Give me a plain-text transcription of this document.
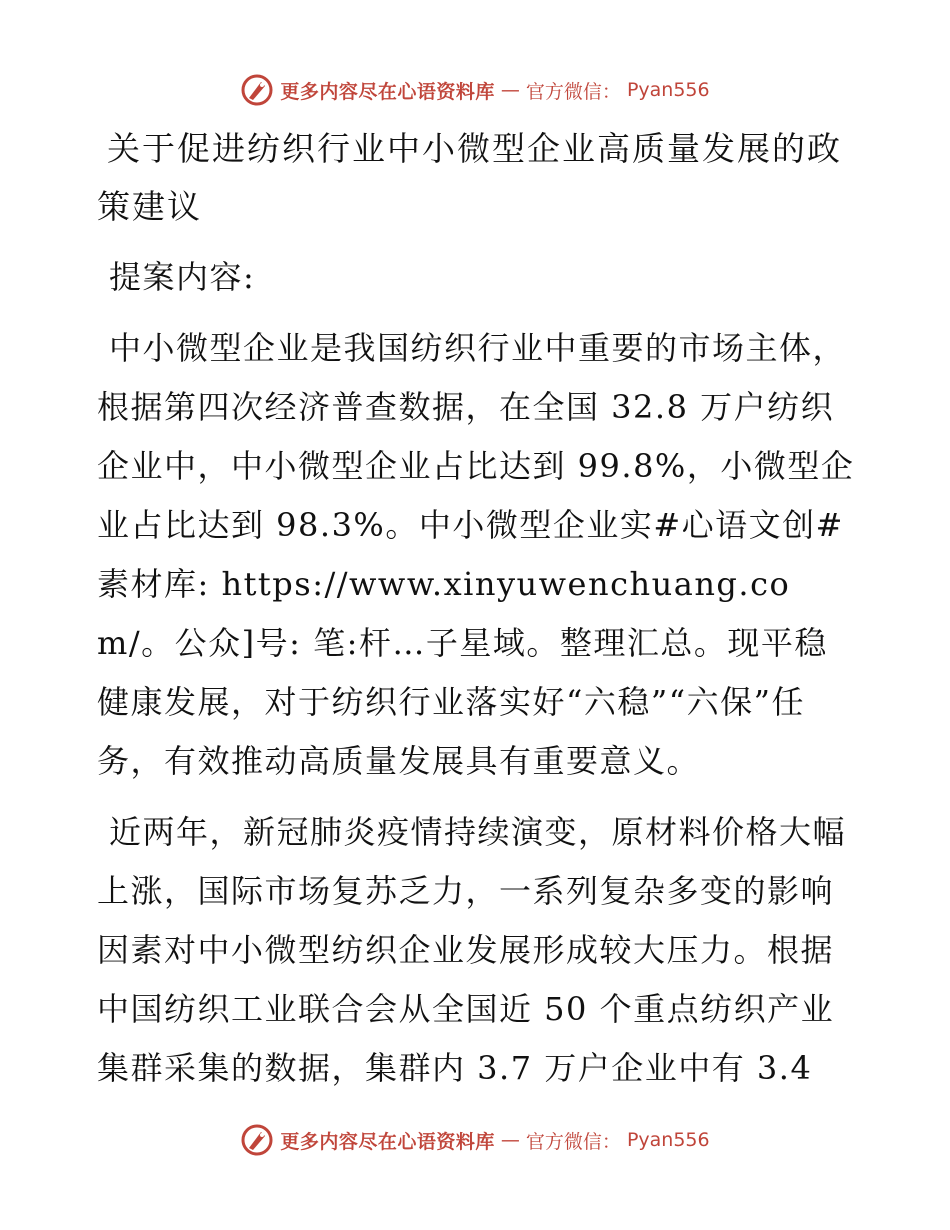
更多内容尽在心语资料库 — 官方微信： Pyan556
关于促进纺织行业中小微型企业高质量发展的政策建议

提案内容:

中小微型企业是我国纺织行业中重要的市场主体，根据第四次经济普查数据，在全国 32.8 万户纺织企业中，中小微型企业占比达到 99.8%，小微型企业占比达到 98.3%。中小微型企业实#心语文创#素材库: https://www.xinyuwenchuang.com/。公众]号: 笔:杆…子星域。整理汇总。现平稳健康发展，对于纺织行业落实好“六稳”“六保”任务，有效推动高质量发展具有重要意义。

近两年，新冠肺炎疫情持续演变，原材料价格大幅上涨，国际市场复苏乏力，一系列复杂多变的影响因素对中小微型纺织企业发展形成较大压力。根据中国纺织工业联合会从全国近 50 个重点纺织产业集群采集的数据，集群内 3.7 万户企业中有 3.4

更多内容尽在心语资料库 — 官方微信： Pyan556
